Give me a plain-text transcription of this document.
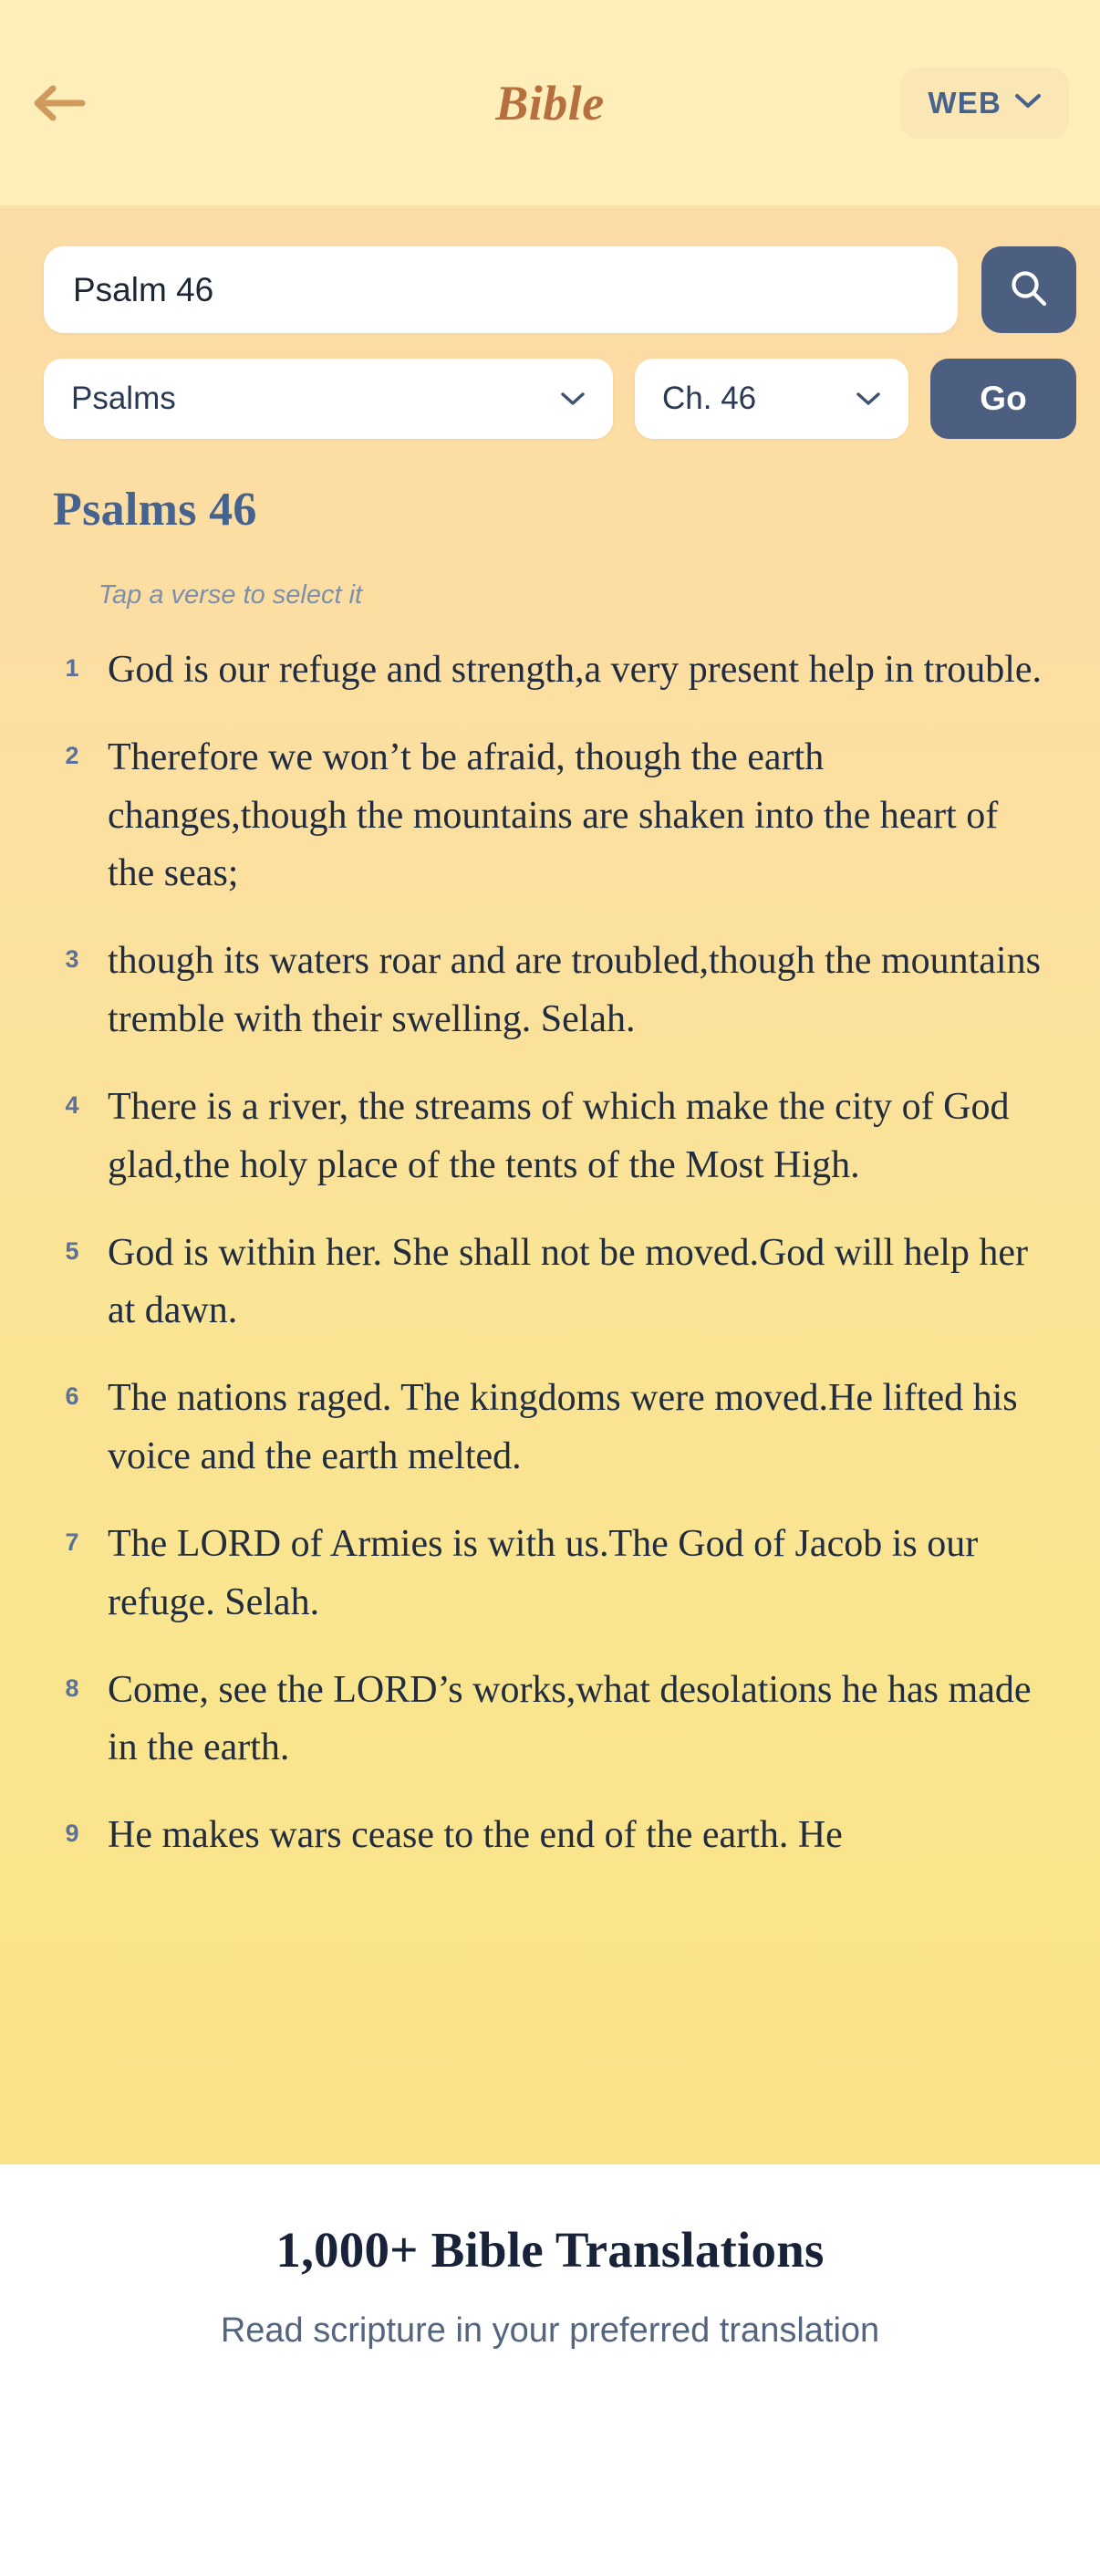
Bible	WEB
Psalm 46
Psalms	Ch. 46	Go
Psalms 46
Tap a verse to select it
1 God is our refuge and strength,a very present help in trouble.
2 Therefore we won’t be afraid, though the earth changes,though the mountains are shaken into the heart of the seas;
3 though its waters roar and are troubled,though the mountains tremble with their swelling. Selah.
4 There is a river, the streams of which make the city of God glad,the holy place of the tents of the Most High.
5 God is within her. She shall not be moved.God will help her at dawn.
6 The nations raged. The kingdoms were moved.He lifted his voice and the earth melted.
7 The LORD of Armies is with us.The God of Jacob is our refuge. Selah.
8 Come, see the LORD’s works,what desolations he has made in the earth.
9 He makes wars cease to the end of the earth. He
1,000+ Bible Translations
Read scripture in your preferred translation
